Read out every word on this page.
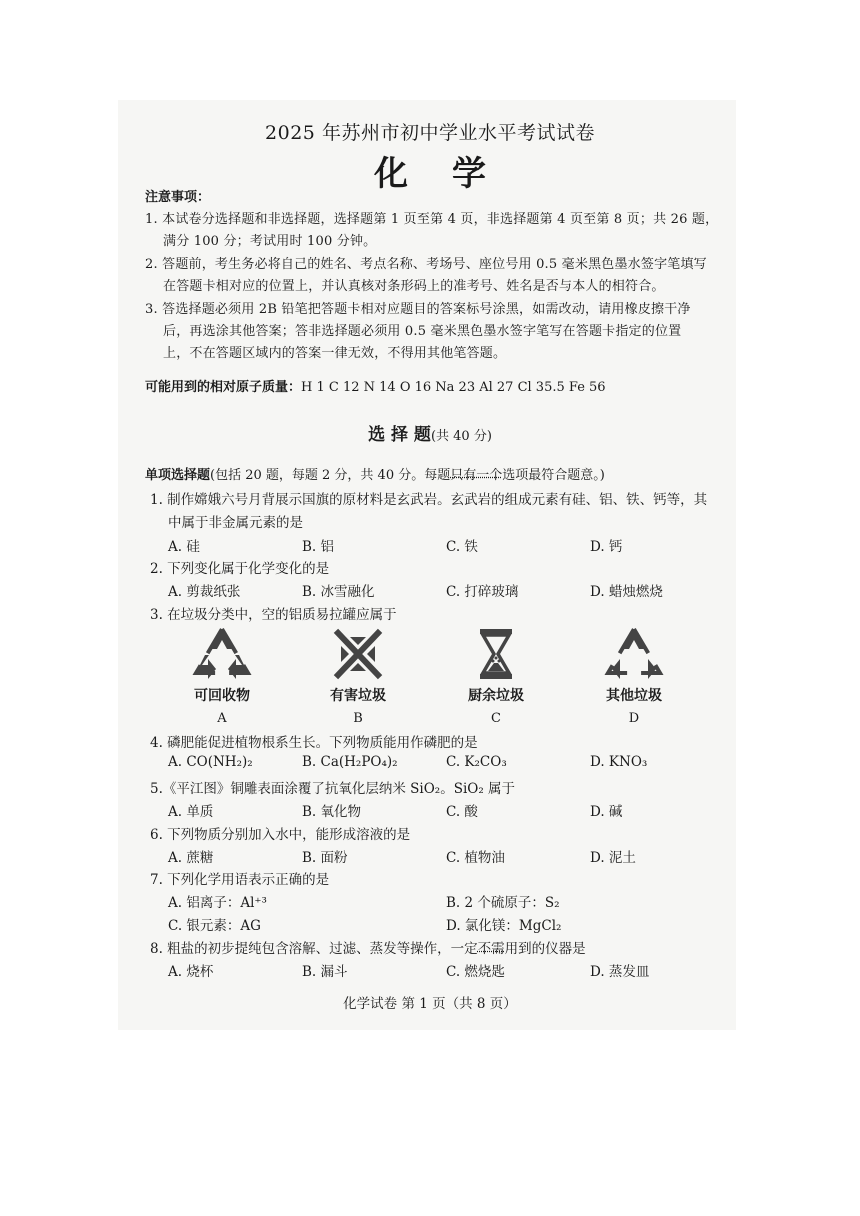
2025 年苏州市初中学业水平考试试卷
化学
注意事项：
1. 本试卷分选择题和非选择题，选择题第 1 页至第 4 页，非选择题第 4 页至第 8 页；共 26 题，
满分 100 分；考试用时 100 分钟。
2. 答题前，考生务必将自己的姓名、考点名称、考场号、座位号用 0.5 毫米黑色墨水签字笔填写
在答题卡相对应的位置上，并认真核对条形码上的准考号、姓名是否与本人的相符合。
3. 答选择题必须用 2B 铅笔把答题卡相对应题目的答案标号涂黑，如需改动，请用橡皮擦干净
后，再选涂其他答案；答非选择题必须用 0.5 毫米黑色墨水签字笔写在答题卡指定的位置
上，不在答题区域内的答案一律无效，不得用其他笔答题。
可能用到的相对原子质量：H 1 C 12 N 14 O 16 Na 23 Al 27 Cl 35.5 Fe 56
选 择 题(共 40 分)
单项选择题(包括 20 题，每题 2 分，共 40 分。每题只有一个选项最符合题意。)
1. 制作嫦娥六号月背展示国旗的原材料是玄武岩。玄武岩的组成元素有硅、铝、铁、钙等，其
中属于非金属元素的是
A. 硅	B. 铝	C. 铁	D. 钙
2. 下列变化属于化学变化的是
A. 剪裁纸张	B. 冰雪融化	C. 打碎玻璃	D. 蜡烛燃烧
3. 在垃圾分类中，空的铝质易拉罐应属于
可回收物
A
有害垃圾
B
厨余垃圾
C
其他垃圾
D
4. 磷肥能促进植物根系生长。下列物质能用作磷肥的是
A. CO(NH₂)₂	B. Ca(H₂PO₄)₂	C. K₂CO₃	D. KNO₃
5.《平江图》铜雕表面涂覆了抗氧化层纳米 SiO₂。SiO₂ 属于
A. 单质	B. 氧化物	C. 酸	D. 碱
6. 下列物质分别加入水中，能形成溶液的是
A. 蔗糖	B. 面粉	C. 植物油	D. 泥土
7. 下列化学用语表示正确的是
A. 铝离子：Al⁺³	B. 2 个硫原子：S₂
C. 银元素：AG	D. 氯化镁：MgCl₂
8. 粗盐的初步提纯包含溶解、过滤、蒸发等操作，一定不需用到的仪器是
A. 烧杯	B. 漏斗	C. 燃烧匙	D. 蒸发皿
化学试卷 第 1 页（共 8 页）
